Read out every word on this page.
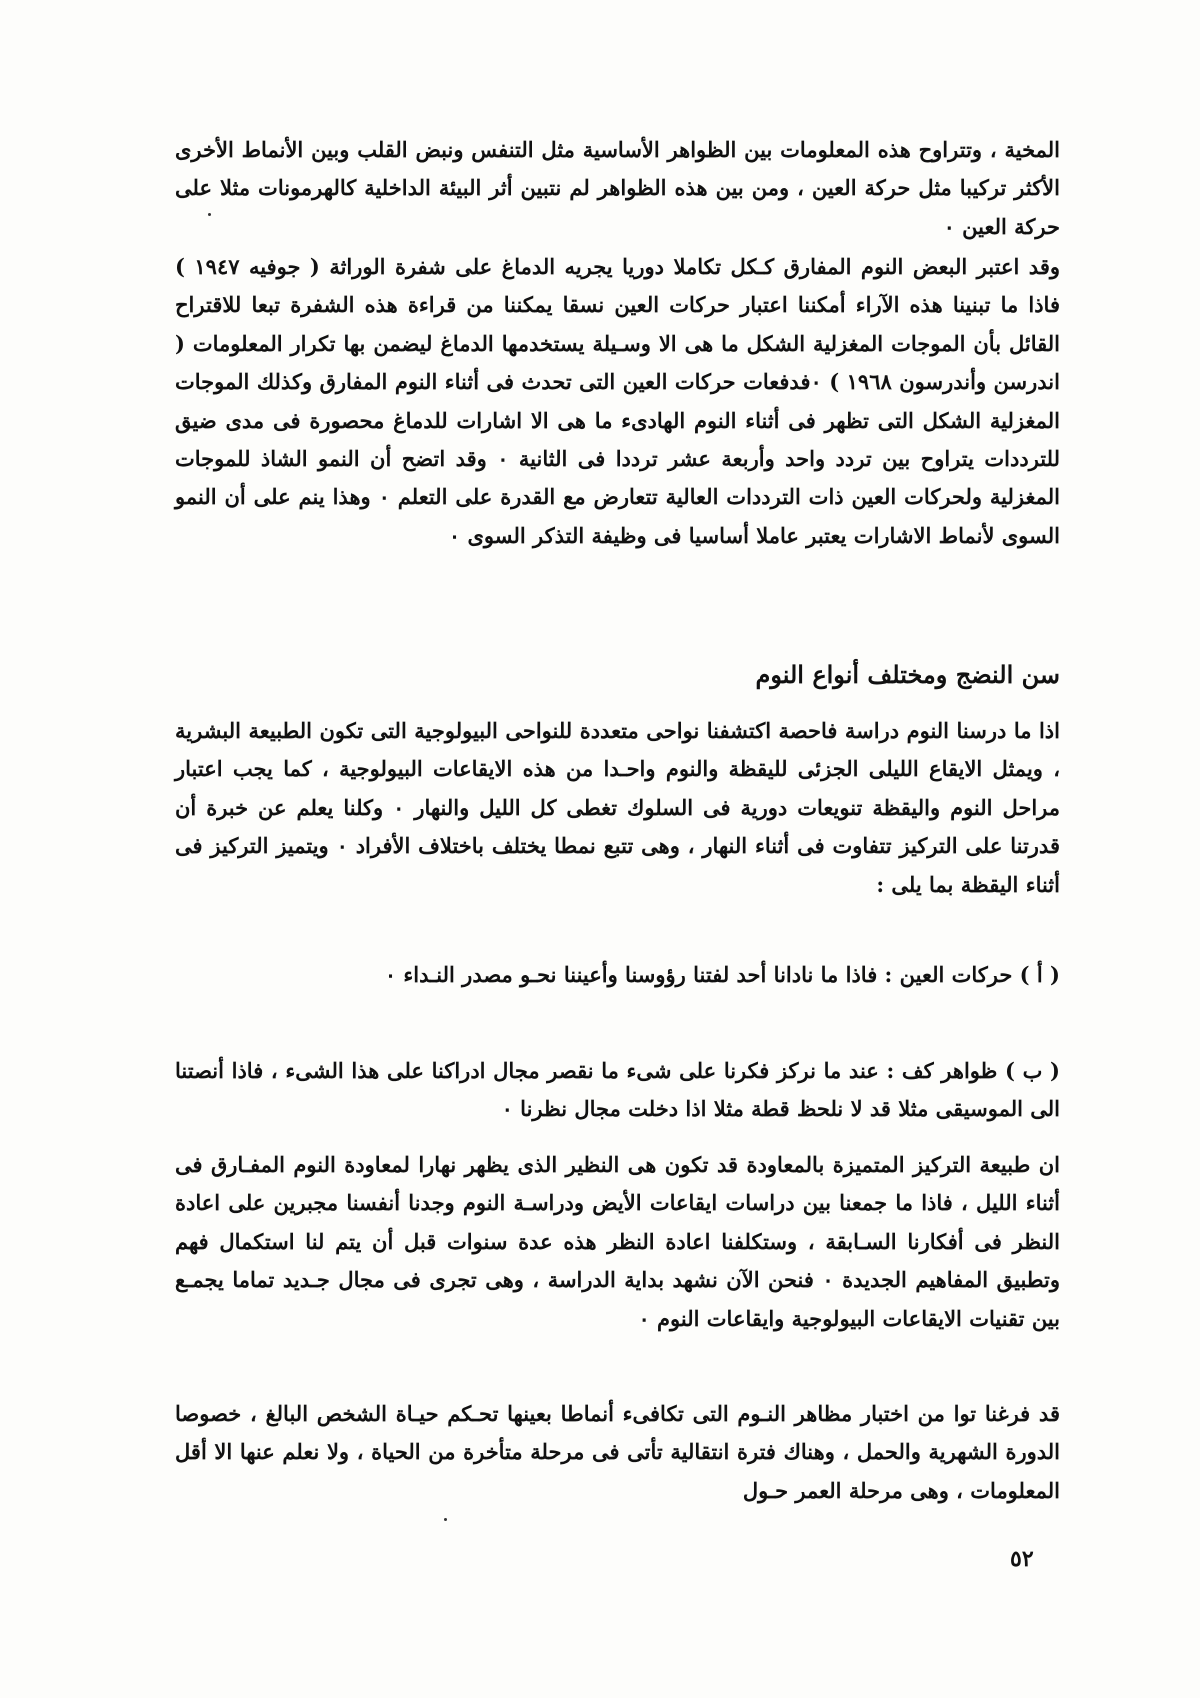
المخية ، وتتراوح هذه المعلومات بين الظواهر الأساسية مثل التنفس ونبض القلب وبين الأنماط الأخرى الأكثر تركيبا مثل حركة العين ، ومن بين هذه الظواهر لم نتبين أثر البيئة الداخلية كالهرمونات مثلا على حركة العين ٠

وقد اعتبر البعض النوم المفارق كـكل تكاملا دوريا يجريه الدماغ على شفرة الوراثة ( جوفيه ١٩٤٧ ) فاذا ما تبنينا هذه الآراء أمكننا اعتبار حركات العين نسقا يمكننا من قراءة هذه الشفرة تبعا للاقتراح القائل بأن الموجات المغزلية الشكل ما هى الا وسـيلة يستخدمها الدماغ ليضمن بها تكرار المعلومات ( اندرسن وأندرسون ١٩٦٨ ) ٠فدفعات حركات العين التى تحدث فى أثناء النوم المفارق وكذلك الموجات المغزلية الشكل التى تظهر فى أثناء النوم الهادىء ما هى الا اشارات للدماغ محصورة فى مدى ضيق للترددات يتراوح بين تردد واحد وأربعة عشر ترددا فى الثانية ٠ وقد اتضح أن النمو الشاذ للموجات المغزلية ولحركات العين ذات الترددات العالية تتعارض مع القدرة على التعلم ٠ وهذا ينم على أن النمو السوى لأنماط الاشارات يعتبر عاملا أساسيا فى وظيفة التذكر السوى ٠

سن النضج ومختلف أنواع النوم

اذا ما درسنا النوم دراسة فاحصة اكتشفنا نواحى متعددة للنواحى البيولوجية التى تكون الطبيعة البشرية ، ويمثل الايقاع الليلى الجزئى لليقظة والنوم واحـدا من هذه الايقاعات البيولوجية ، كما يجب اعتبار مراحل النوم واليقظة تنويعات دورية فى السلوك تغطى كل الليل والنهار ٠ وكلنا يعلم عن خبرة أن قدرتنا على التركيز تتفاوت فى أثناء النهار ، وهى تتبع نمطا يختلف باختلاف الأفراد ٠ ويتميز التركيز فى أثناء اليقظة بما يلى :

( أ ) حركات العين : فاذا ما نادانا أحد لفتنا رؤوسنا وأعيننا نحـو مصدر النـداء ٠

( ب ) ظواهر كف : عند ما نركز فكرنا على شىء ما نقصر مجال ادراكنا على هذا الشىء ، فاذا أنصتنا الى الموسيقى مثلا قد لا نلحظ قطة مثلا اذا دخلت مجال نظرنا ٠

ان طبيعة التركيز المتميزة بالمعاودة قد تكون هى النظير الذى يظهر نهارا لمعاودة النوم المفـارق فى أثناء الليل ، فاذا ما جمعنا بين دراسات ايقاعات الأيض ودراسـة النوم وجدنا أنفسنا مجبرين على اعادة النظر فى أفكارنا السـابقة ، وستكلفنا اعادة النظر هذه عدة سنوات قبل أن يتم لنا استكمال فهم وتطبيق المفاهيم الجديدة ٠ فنحن الآن نشهد بداية الدراسة ، وهى تجرى فى مجال جـديد تماما يجمـع بين تقنيات الايقاعات البيولوجية وايقاعات النوم ٠

قد فرغنا توا من اختبار مظاهر النـوم التى تكافىء أنماطا بعينها تحـكم حيـاة الشخص البالغ ، خصوصا الدورة الشهرية والحمل ، وهناك فترة انتقالية تأتى فى مرحلة متأخرة من الحياة ، ولا نعلم عنها الا أقل المعلومات ، وهى مرحلة العمر حـول

٥٢
